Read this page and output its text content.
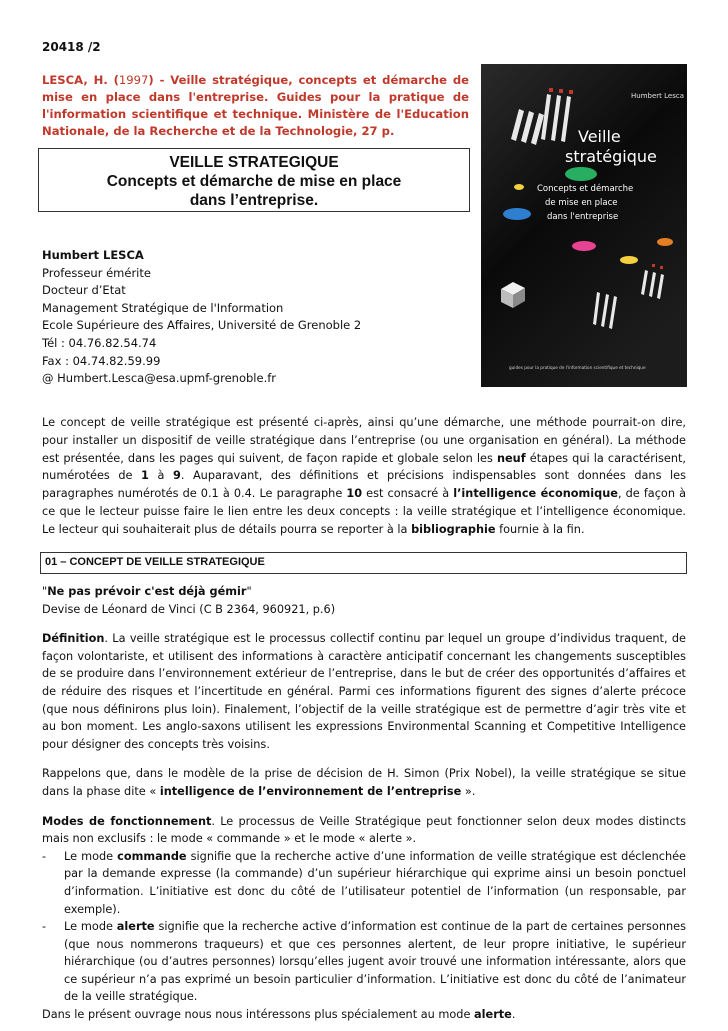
20418 /2
LESCA, H. (1997) - Veille stratégique, concepts et démarche de mise en place dans l'entreprise. Guides pour la pratique de l'information scientifique et technique. Ministère de l'Education Nationale, de la Recherche et de la Technologie, 27 p.
VEILLE STRATEGIQUE
Concepts et démarche de mise en place
dans l’entreprise.
Humbert Lesca
Veille
stratégique
Concepts et démarche
de mise en place
dans l'entreprise
guides pour la pratique de l'information scientifique et technique
Humbert LESCA
Professeur émérite
Docteur d’Etat
Management Stratégique de l'Information
Ecole Supérieure des Affaires, Université de Grenoble 2
Tél : 04.76.82.54.74
Fax : 04.74.82.59.99
@ Humbert.Lesca@esa.upmf-grenoble.fr
Le concept de veille stratégique est présenté ci-après, ainsi qu’une démarche, une méthode pourrait-on dire, pour installer un dispositif de veille stratégique dans l’entreprise (ou une organisation en général). La méthode est présentée, dans les pages qui suivent, de façon rapide et globale selon les neuf étapes qui la caractérisent, numérotées de 1 à 9. Auparavant, des définitions et précisions indispensables sont données dans les paragraphes numérotés de 0.1 à 0.4. Le paragraphe 10 est consacré à l’intelligence économique, de façon à ce que le lecteur puisse faire le lien entre les deux concepts : la veille stratégique et l’intelligence économique. Le lecteur qui souhaiterait plus de détails pourra se reporter à la bibliographie fournie à la fin.
01 – CONCEPT DE VEILLE STRATEGIQUE

"Ne pas prévoir c'est déjà gémir"
Devise de Léonard de Vinci (C B 2364, 960921, p.6)

Définition. La veille stratégique est le processus collectif continu par lequel un groupe d’individus traquent, de façon volontariste, et utilisent des informations à caractère anticipatif concernant les changements susceptibles de se produire dans l’environnement extérieur de l’entreprise, dans le but de créer des opportunités d’affaires et de réduire des risques et l’incertitude en général. Parmi ces informations figurent des signes d’alerte précoce (que nous définirons plus loin). Finalement, l’objectif de la veille stratégique est de permettre d’agir très vite et au bon moment. Les anglo-saxons utilisent les expressions Environmental Scanning et Competitive Intelligence pour désigner des concepts très voisins.

Rappelons que, dans le modèle de la prise de décision de H. Simon (Prix Nobel), la veille stratégique se situe dans la phase dite « intelligence de l’environnement de l’entreprise ».

Modes de fonctionnement. Le processus de Veille Stratégique peut fonctionner selon deux modes distincts mais non exclusifs : le mode « commande » et le mode « alerte ».
- Le mode commande signifie que la recherche active d’une information de veille stratégique est déclenchée par la demande expresse (la commande) d’un supérieur hiérarchique qui exprime ainsi un besoin ponctuel d’information. L’initiative est donc du côté de l’utilisateur potentiel de l’information (un responsable, par exemple).
- Le mode alerte signifie que la recherche active d’information est continue de la part de certaines personnes (que nous nommerons traqueurs) et que ces personnes alertent, de leur propre initiative, le supérieur hiérarchique (ou d’autres personnes) lorsqu’elles jugent avoir trouvé une information intéressante, alors que ce supérieur n’a pas exprimé un besoin particulier d’information. L’initiative est donc du côté de l’animateur de la veille stratégique.
Dans le présent ouvrage nous nous intéressons plus spécialement au mode alerte.
